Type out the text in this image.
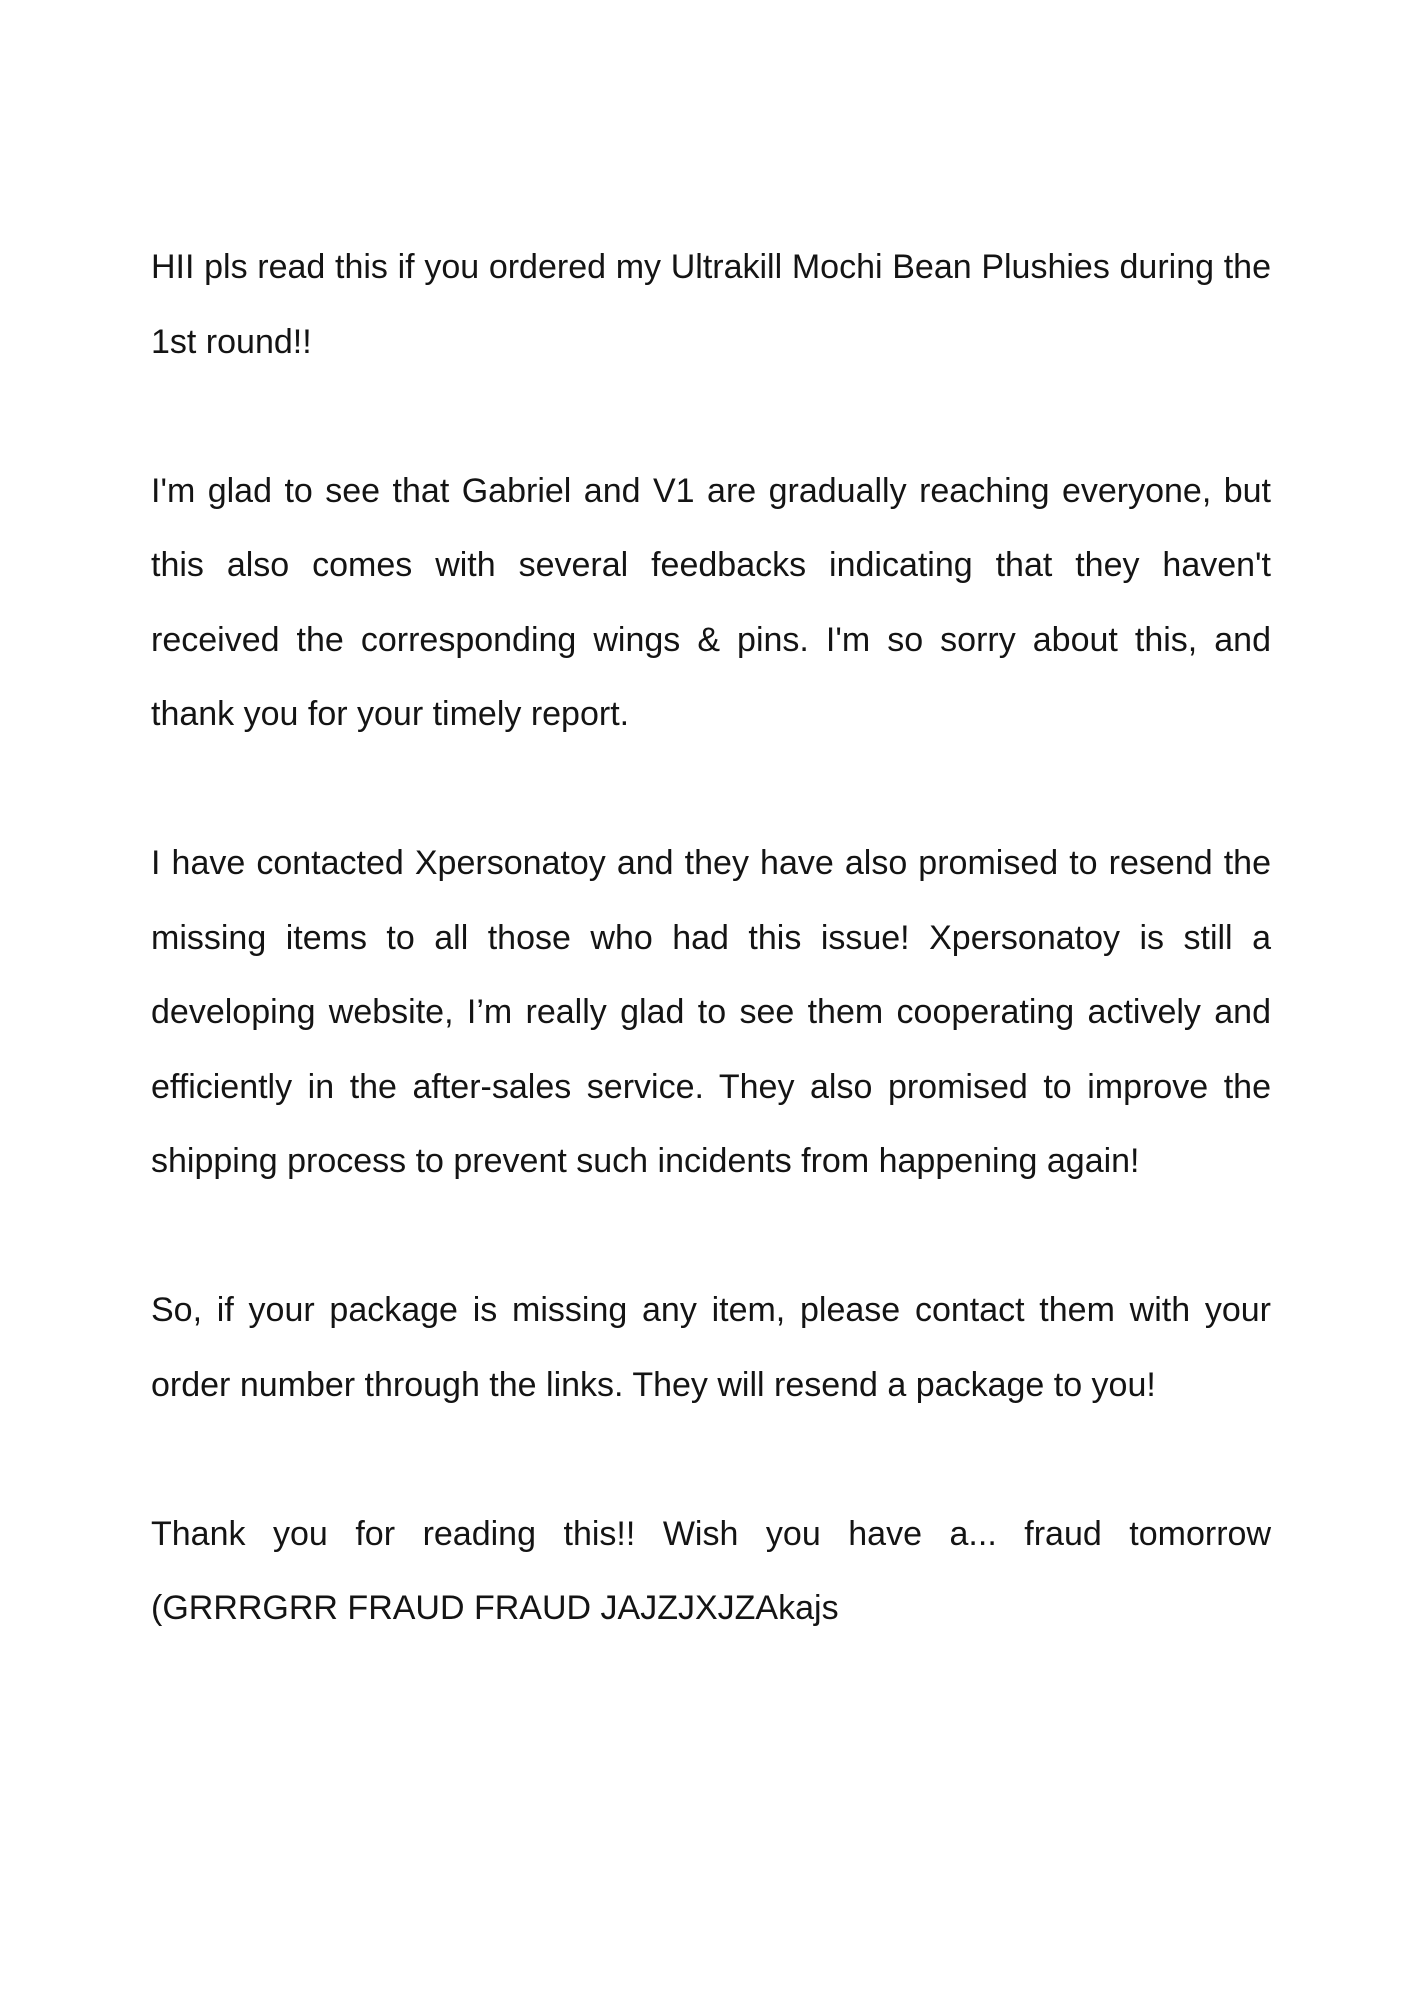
HII pls read this if you ordered my Ultrakill Mochi Bean Plushies during the 1st round!!

I'm glad to see that Gabriel and V1 are gradually reaching everyone, but this also comes with several feedbacks indicating that they haven't received the corresponding wings & pins. I'm so sorry about this, and thank you for your timely report.

I have contacted Xpersonatoy and they have also promised to resend the missing items to all those who had this issue! Xpersonatoy is still a developing website, I’m really glad to see them cooperating actively and efficiently in the after-sales service. They also promised to improve the shipping process to prevent such incidents from happening again!

So, if your package is missing any item, please contact them with your order number through the links. They will resend a package to you!

Thank you for reading this!! Wish you have a... fraud tomorrow (GRRRGRR FRAUD FRAUD JAJZJXJZAkajs
